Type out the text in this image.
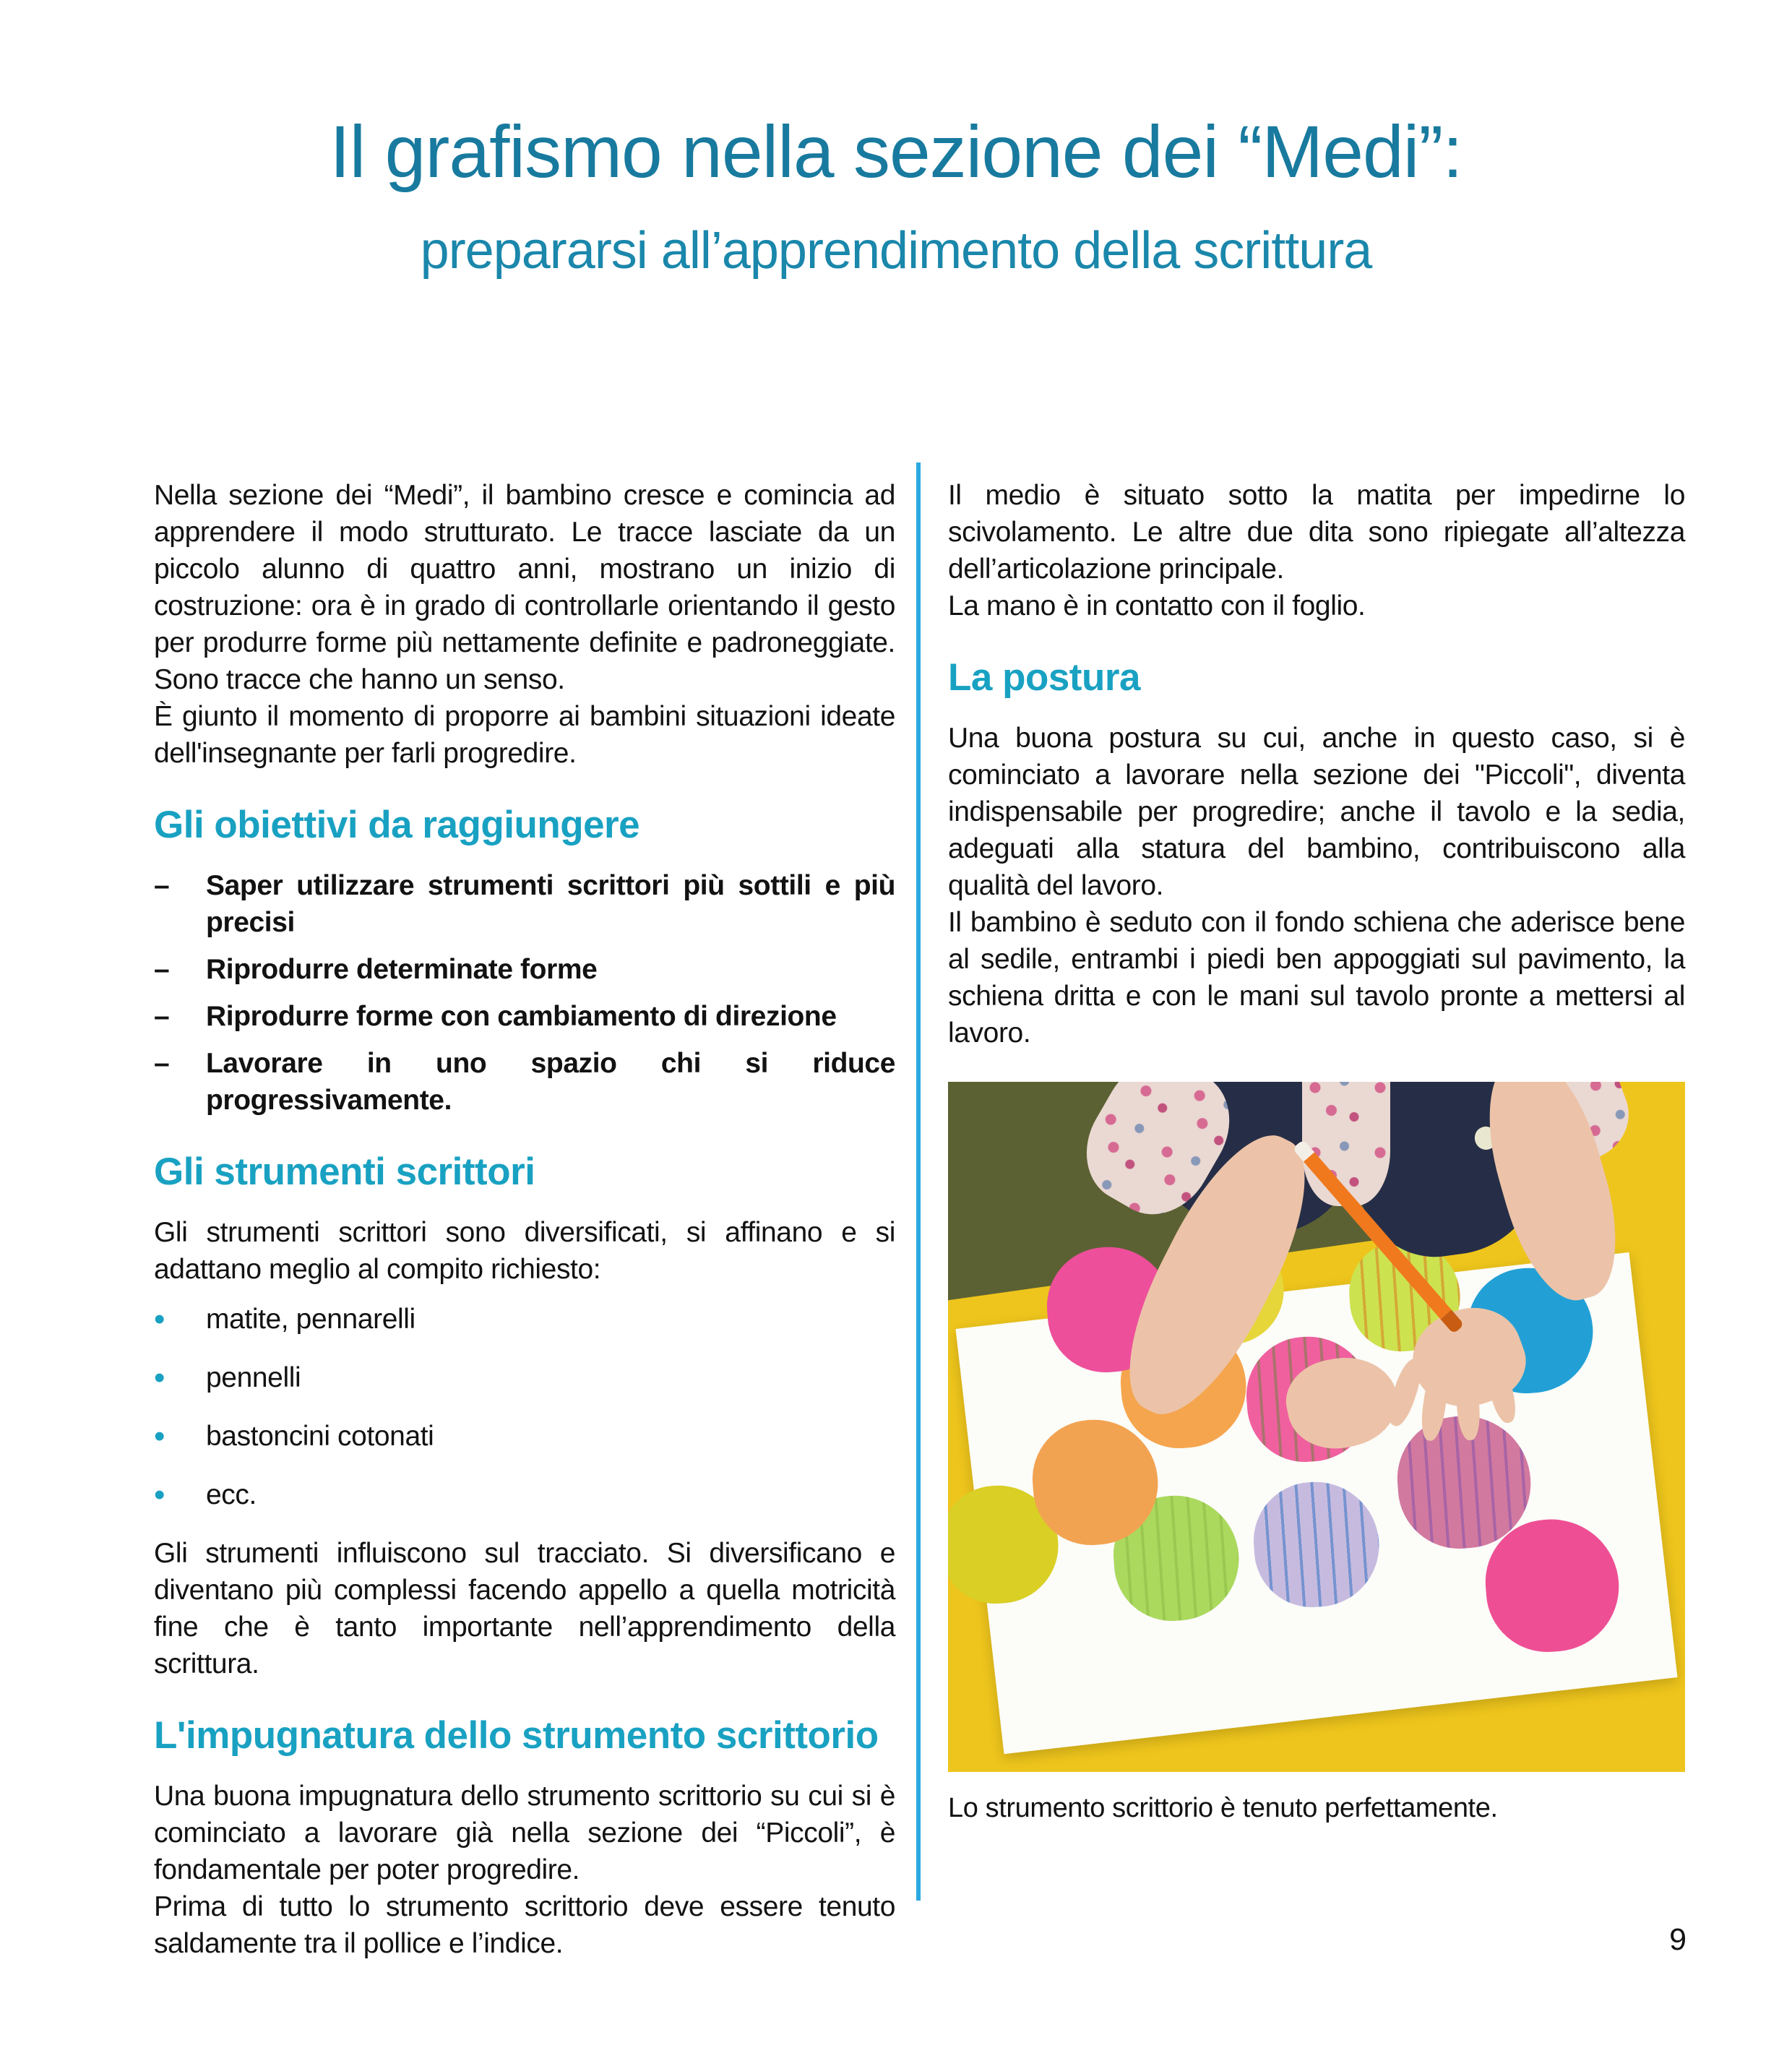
Il grafismo nella sezione dei “Medi”:
prepararsi all’apprendimento della scrittura

Nella sezione dei “Medi”, il bambino cresce e comincia ad apprendere il modo strutturato. Le tracce lasciate da un piccolo alunno di quattro anni, mostrano un inizio di costruzione: ora è in grado di controllarle orientando il gesto per produrre forme più nettamente definite e padroneggiate. Sono tracce che hanno un senso.

È giunto il momento di proporre ai bambini situazioni ideate dell'insegnante per farli progredire.

Gli obiettivi da raggiungere
–	Saper utilizzare strumenti scrittori più sottili e più precisi
–	Riprodurre determinate forme
–	Riprodurre forme con cambiamento di direzione
–	Lavorare in uno spazio chi si riduce progressivamente.
Gli strumenti scrittori

Gli strumenti scrittori sono diversificati, si affinano e si adattano meglio al compito richiesto:

•	matite, pennarelli
•	pennelli
•	bastoncini cotonati
•	ecc.

Gli strumenti influiscono sul tracciato. Si diversificano e diventano più complessi facendo appello a quella motricità fine che è tanto importante nell’apprendimento della scrittura.

L'impugnatura dello strumento scrittorio

Una buona impugnatura dello strumento scrittorio su cui si è cominciato a lavorare già nella sezione dei “Piccoli”, è fondamentale per poter progredire.

Prima di tutto lo strumento scrittorio deve essere tenuto saldamente tra il pollice e l’indice.

Il medio è situato sotto la matita per impedirne lo scivolamento. Le altre due dita sono ripiegate all’altezza dell’articolazione principale.

La mano è in contatto con il foglio.

La postura

Una buona postura su cui, anche in questo caso, si è cominciato a lavorare nella sezione dei "Piccoli", diventa indispensabile per progredire; anche il tavolo e la sedia, adeguati alla statura del bambino, contribuiscono alla qualità del lavoro.

Il bambino è seduto con il fondo schiena che aderisce bene al sedile, entrambi i piedi ben appoggiati sul pavimento, la schiena dritta e con le mani sul tavolo pronte a mettersi al lavoro.

Lo strumento scrittorio è tenuto perfettamente.

9
